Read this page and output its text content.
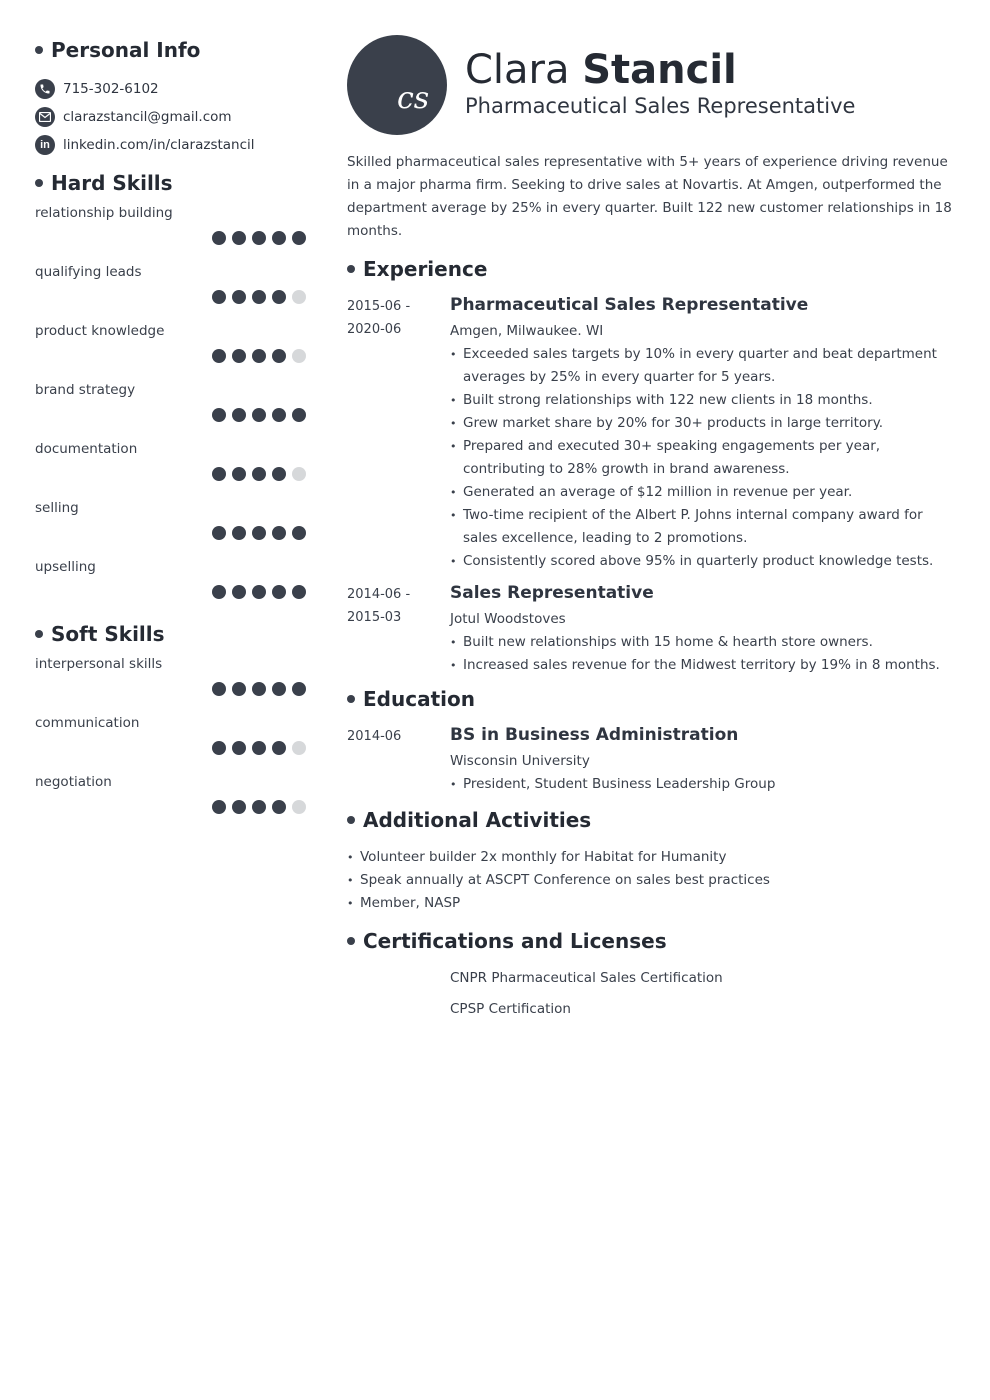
Personal Info
715-302-6102
clarazstancil@gmail.com
in linkedin.com/in/clarazstancil
Hard Skills
relationship building
qualifying leads
product knowledge
brand strategy
documentation
selling
upselling
Soft Skills
interpersonal skills
communication
negotiation
cs
Clara Stancil
Pharmaceutical Sales Representative
Skilled pharmaceutical sales representative with 5+ years of experience driving revenue in a major pharma firm. Seeking to drive sales at Novartis. At Amgen, outperformed the department average by 25% in every quarter. Built 122 new customer relationships in 18 months.
Experience
2015-06 -
2020-06
Pharmaceutical Sales Representative
Amgen, Milwaukee. WI
• Exceeded sales targets by 10% in every quarter and beat department averages by 25% in every quarter for 5 years.
• Built strong relationships with 122 new clients in 18 months.
• Grew market share by 20% for 30+ products in large territory.
• Prepared and executed 30+ speaking engagements per year, contributing to 28% growth in brand awareness.
• Generated an average of $12 million in revenue per year.
• Two-time recipient of the Albert P. Johns internal company award for sales excellence, leading to 2 promotions.
• Consistently scored above 95% in quarterly product knowledge tests.
2014-06 -
2015-03
Sales Representative
Jotul Woodstoves
• Built new relationships with 15 home & hearth store owners.
• Increased sales revenue for the Midwest territory by 19% in 8 months.
Education
2014-06	BS in Business Administration
Wisconsin University
• President, Student Business Leadership Group
Additional Activities
• Volunteer builder 2x monthly for Habitat for Humanity
• Speak annually at ASCPT Conference on sales best practices
• Member, NASP
Certifications and Licenses
CNPR Pharmaceutical Sales Certification
CPSP Certification
